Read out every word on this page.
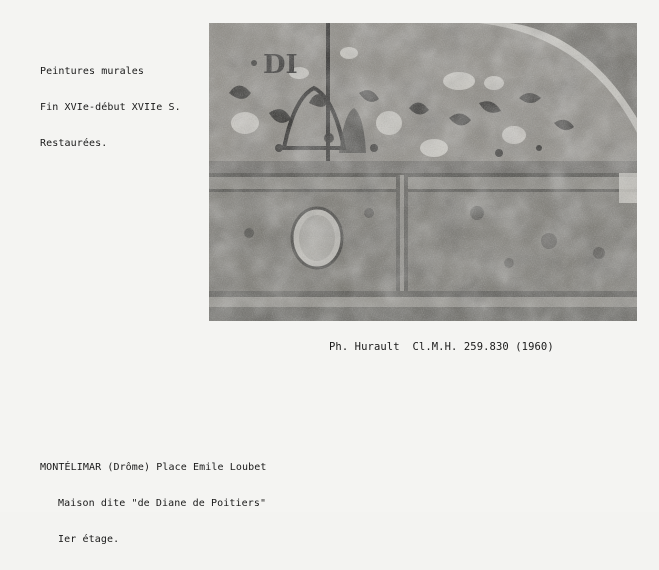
Peintures murales

Fin XVIe-début XVIIe S.

Restaurées.

Ph. Hurault  Cl.M.H. 259.830 (1960)

MONTÉLIMAR (Drôme) Place Emile Loubet

Maison dite "de Diane de Poitiers"

Ier étage.
